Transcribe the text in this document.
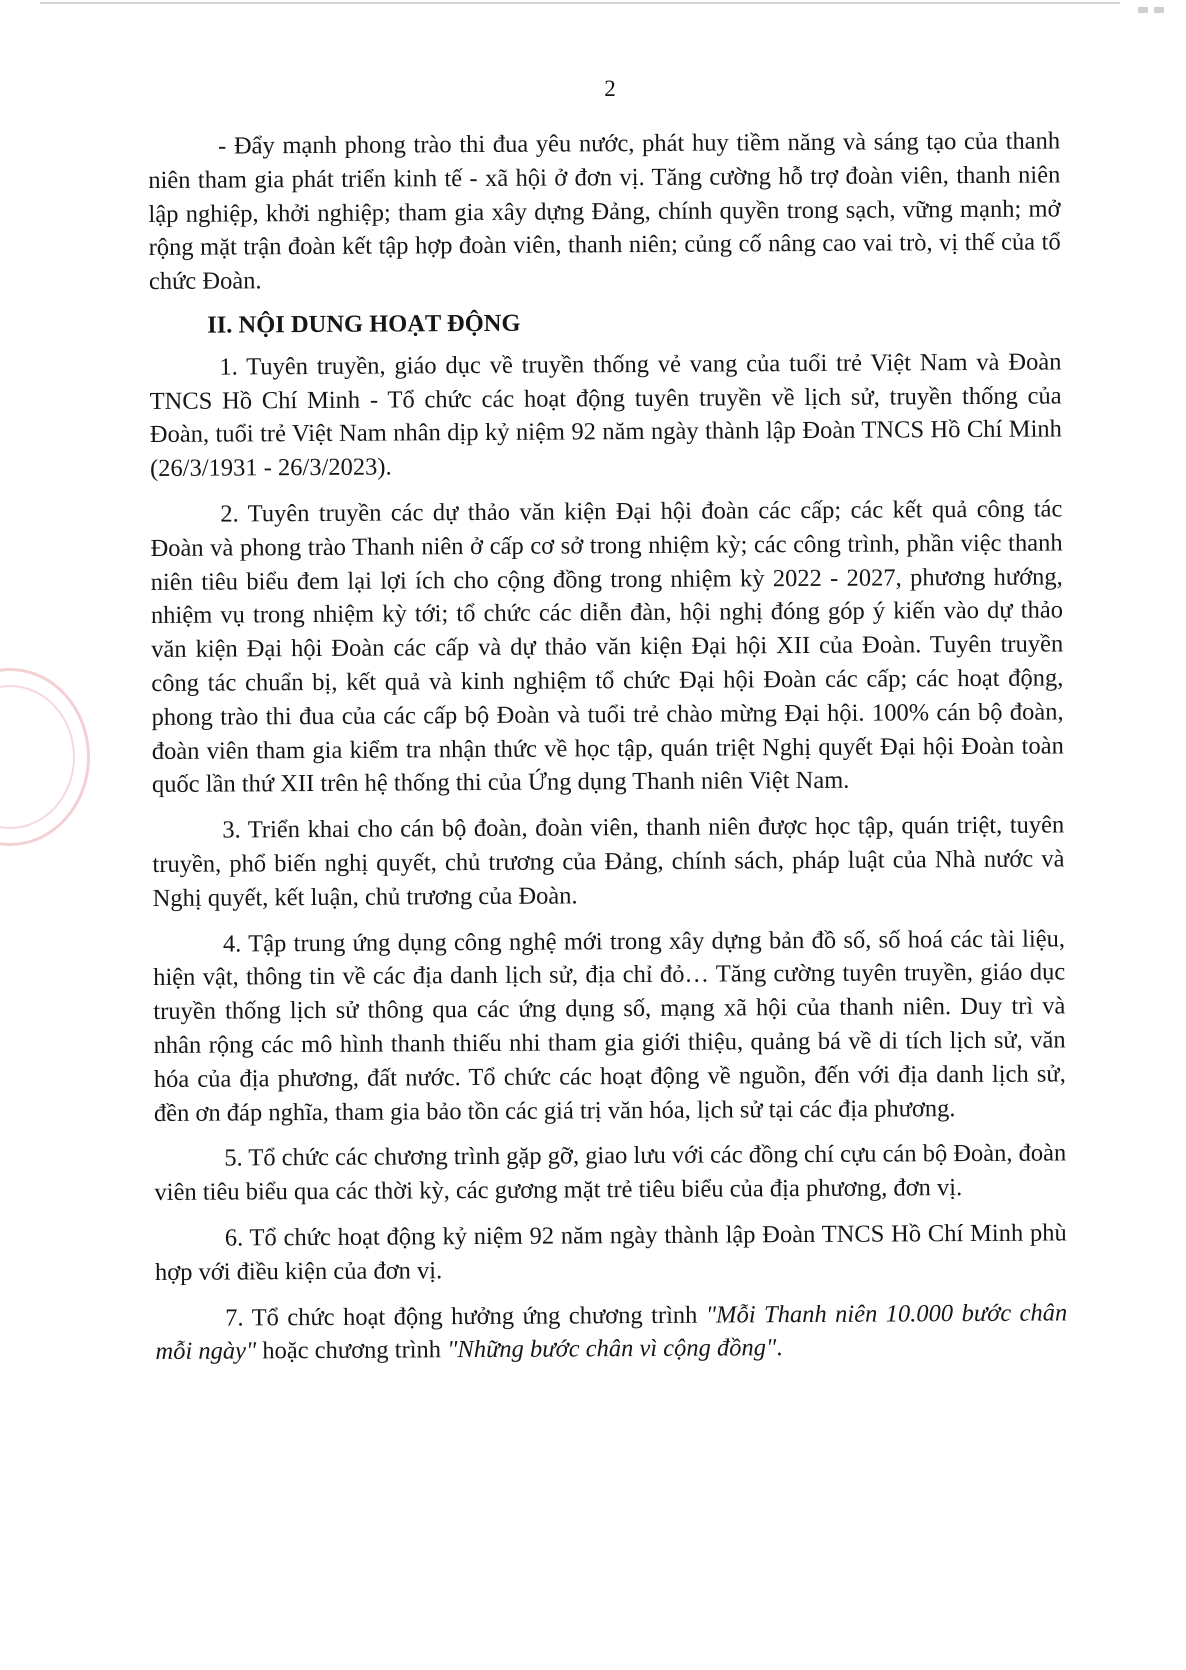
2

- Đẩy mạnh phong trào thi đua yêu nước, phát huy tiềm năng và sáng tạo của thanh niên tham gia phát triển kinh tế - xã hội ở đơn vị. Tăng cường hỗ trợ đoàn viên, thanh niên lập nghiệp, khởi nghiệp; tham gia xây dựng Đảng, chính quyền trong sạch, vững mạnh; mở rộng mặt trận đoàn kết tập hợp đoàn viên, thanh niên; củng cố nâng cao vai trò, vị thế của tổ chức Đoàn.

II. NỘI DUNG HOẠT ĐỘNG

1. Tuyên truyền, giáo dục về truyền thống vẻ vang của tuổi trẻ Việt Nam và Đoàn TNCS Hồ Chí Minh - Tổ chức các hoạt động tuyên truyền về lịch sử, truyền thống của Đoàn, tuổi trẻ Việt Nam nhân dịp kỷ niệm 92 năm ngày thành lập Đoàn TNCS Hồ Chí Minh (26/3/1931 - 26/3/2023).

2. Tuyên truyền các dự thảo văn kiện Đại hội đoàn các cấp; các kết quả công tác Đoàn và phong trào Thanh niên ở cấp cơ sở trong nhiệm kỳ; các công trình, phần việc thanh niên tiêu biểu đem lại lợi ích cho cộng đồng trong nhiệm kỳ 2022 - 2027, phương hướng, nhiệm vụ trong nhiệm kỳ tới; tổ chức các diễn đàn, hội nghị đóng góp ý kiến vào dự thảo văn kiện Đại hội Đoàn các cấp và dự thảo văn kiện Đại hội XII của Đoàn. Tuyên truyền công tác chuẩn bị, kết quả và kinh nghiệm tổ chức Đại hội Đoàn các cấp; các hoạt động, phong trào thi đua của các cấp bộ Đoàn và tuổi trẻ chào mừng Đại hội. 100% cán bộ đoàn, đoàn viên tham gia kiểm tra nhận thức về học tập, quán triệt Nghị quyết Đại hội Đoàn toàn quốc lần thứ XII trên hệ thống thi của Ứng dụng Thanh niên Việt Nam.

3. Triển khai cho cán bộ đoàn, đoàn viên, thanh niên được học tập, quán triệt, tuyên truyền, phổ biến nghị quyết, chủ trương của Đảng, chính sách, pháp luật của Nhà nước và Nghị quyết, kết luận, chủ trương của Đoàn.

4. Tập trung ứng dụng công nghệ mới trong xây dựng bản đồ số, số hoá các tài liệu, hiện vật, thông tin về các địa danh lịch sử, địa chỉ đỏ… Tăng cường tuyên truyền, giáo dục truyền thống lịch sử thông qua các ứng dụng số, mạng xã hội của thanh niên. Duy trì và nhân rộng các mô hình thanh thiếu nhi tham gia giới thiệu, quảng bá về di tích lịch sử, văn hóa của địa phương, đất nước. Tổ chức các hoạt động về nguồn, đến với địa danh lịch sử, đền ơn đáp nghĩa, tham gia bảo tồn các giá trị văn hóa, lịch sử tại các địa phương.

5. Tổ chức các chương trình gặp gỡ, giao lưu với các đồng chí cựu cán bộ Đoàn, đoàn viên tiêu biểu qua các thời kỳ, các gương mặt trẻ tiêu biểu của địa phương, đơn vị.

6. Tổ chức hoạt động kỷ niệm 92 năm ngày thành lập Đoàn TNCS Hồ Chí Minh phù hợp với điều kiện của đơn vị.

7. Tổ chức hoạt động hưởng ứng chương trình "Mỗi Thanh niên 10.000 bước chân mỗi ngày" hoặc chương trình "Những bước chân vì cộng đồng".
